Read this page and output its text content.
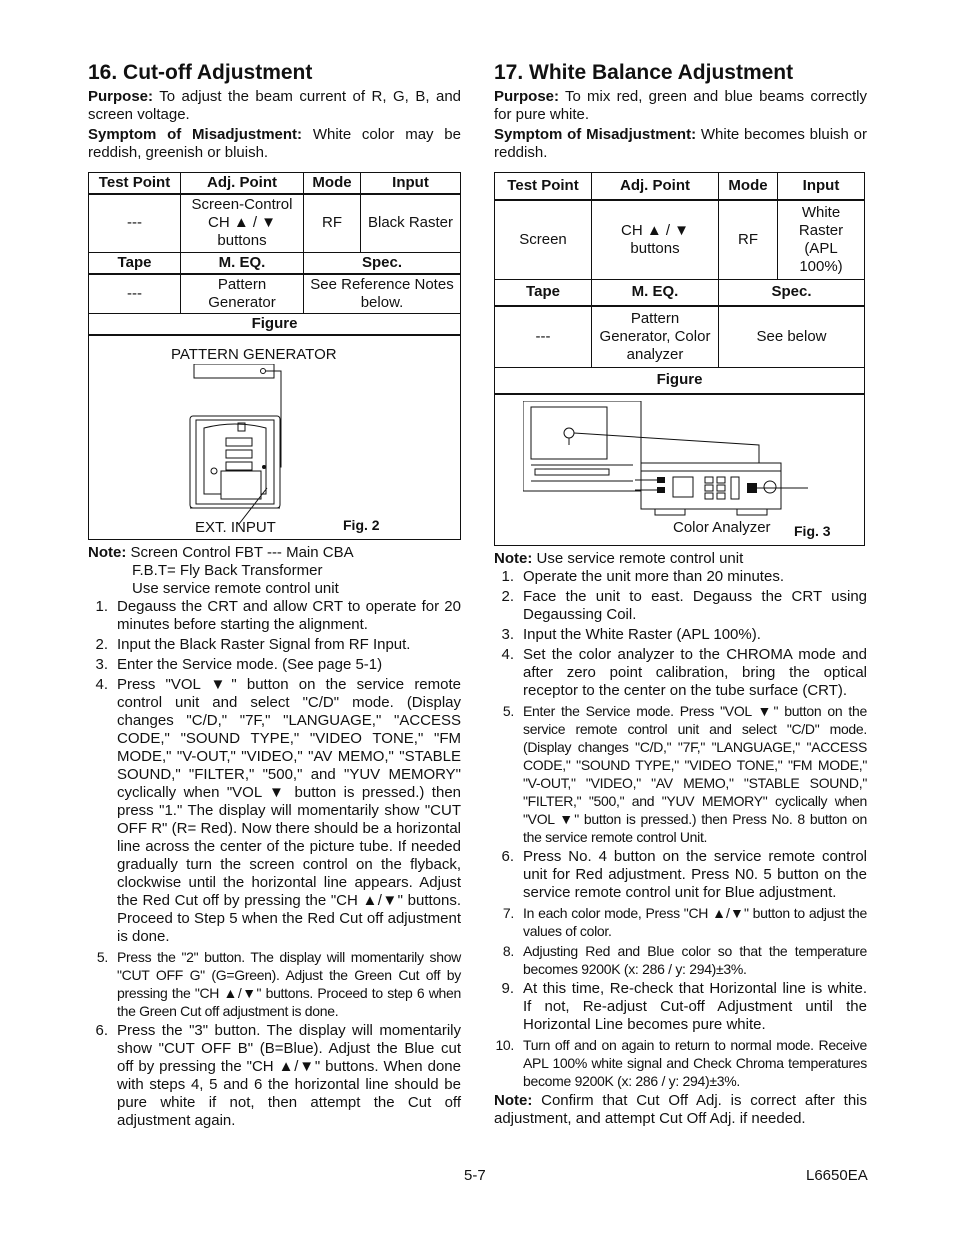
16. Cut-off Adjustment

Purpose: To adjust the beam current of R, G, B, and screen voltage.

Symptom of Misadjustment: White color may be reddish, greenish or bluish.

Test Point	Adj. Point	Mode	Input
---	Screen-Control CH ▲ / ▼ buttons	RF	Black Raster
Tape	M. EQ.	Spec.	
---	Pattern Generator	See Reference Notes below.	
Figure			

PATTERN GENERATOR
EXT. INPUT Fig. 2			
Note: Screen Control FBT --- Main CBA
F.B.T= Fly Back Transformer
Use service remote control unit
1. Degauss the CRT and allow CRT to operate for 20 minutes before starting the alignment.
2. Input the Black Raster Signal from RF Input.
3. Enter the Service mode. (See page 5-1)
4. Press "VOL ▼" button on the service remote control unit and select "C/D" mode. (Display changes "C/D," "7F," "LANGUAGE," "ACCESS CODE," "SOUND TYPE," "VIDEO TONE," "FM MODE," "V-OUT," "VIDEO," "AV MEMO," "STABLE SOUND," "FILTER," "500," and "YUV MEMORY" cyclically when "VOL ▼ button is pressed.) then press "1." The display will momentarily show "CUT OFF R" (R= Red). Now there should be a horizontal line across the center of the picture tube. If needed gradually turn the screen control on the flyback, clockwise until the horizontal line appears. Adjust the Red Cut off by pressing the "CH ▲/▼" buttons. Proceed to Step 5 when the Red Cut off adjustment is done.
5. Press the "2" button. The display will momentarily show "CUT OFF G" (G=Green). Adjust the Green Cut off by pressing the "CH ▲/▼" buttons. Proceed to step 6 when the Green Cut off adjustment is done.
6. Press the "3" button. The display will momentarily show "CUT OFF B" (B=Blue). Adjust the Blue cut off by pressing the "CH ▲/▼" buttons. When done with steps 4, 5 and 6 the horizontal line should be pure white if not, then attempt the Cut off adjustment again.
17. White Balance Adjustment

Purpose: To mix red, green and blue beams correctly for pure white.

Symptom of Misadjustment: White becomes bluish or reddish.

Test Point	Adj. Point	Mode	Input
Screen	CH ▲ / ▼ buttons	RF	White Raster (APL 100%)
Tape	M. EQ.	Spec.	
---	Pattern Generator, Color analyzer	See below	
Figure			

Color Analyzer Fig. 3			
Note: Use service remote control unit
1. Operate the unit more than 20 minutes.
2. Face the unit to east. Degauss the CRT using Degaussing Coil.
3. Input the White Raster (APL 100%).
4. Set the color analyzer to the CHROMA mode and after zero point calibration, bring the optical receptor to the center on the tube surface (CRT).
5. Enter the Service mode. Press "VOL ▼" button on the service remote control unit and select "C/D" mode. (Display changes "C/D," "7F," "LANGUAGE," "ACCESS CODE," "SOUND TYPE," "VIDEO TONE," "FM MODE," "V-OUT," "VIDEO," "AV MEMO," "STABLE SOUND," "FILTER," "500," and "YUV MEMORY" cyclically when "VOL ▼" button is pressed.) then Press No. 8 button on the service remote control Unit.
6. Press No. 4 button on the service remote control unit for Red adjustment. Press N0. 5 button on the service remote control unit for Blue adjustment.
7. In each color mode, Press "CH ▲/▼" button to adjust the values of color.
8. Adjusting Red and Blue color so that the temperature becomes 9200K (x: 286 / y: 294)±3%.
9. At this time, Re-check that Horizontal line is white. If not, Re-adjust Cut-off Adjustment until the Horizontal Line becomes pure white.
10. Turn off and on again to return to normal mode. Receive APL 100% white signal and Check Chroma temperatures become 9200K (x: 286 / y: 294)±3%.

Note: Confirm that Cut Off Adj. is correct after this adjustment, and attempt Cut Off Adj. if needed.

5-7	L6650EA
